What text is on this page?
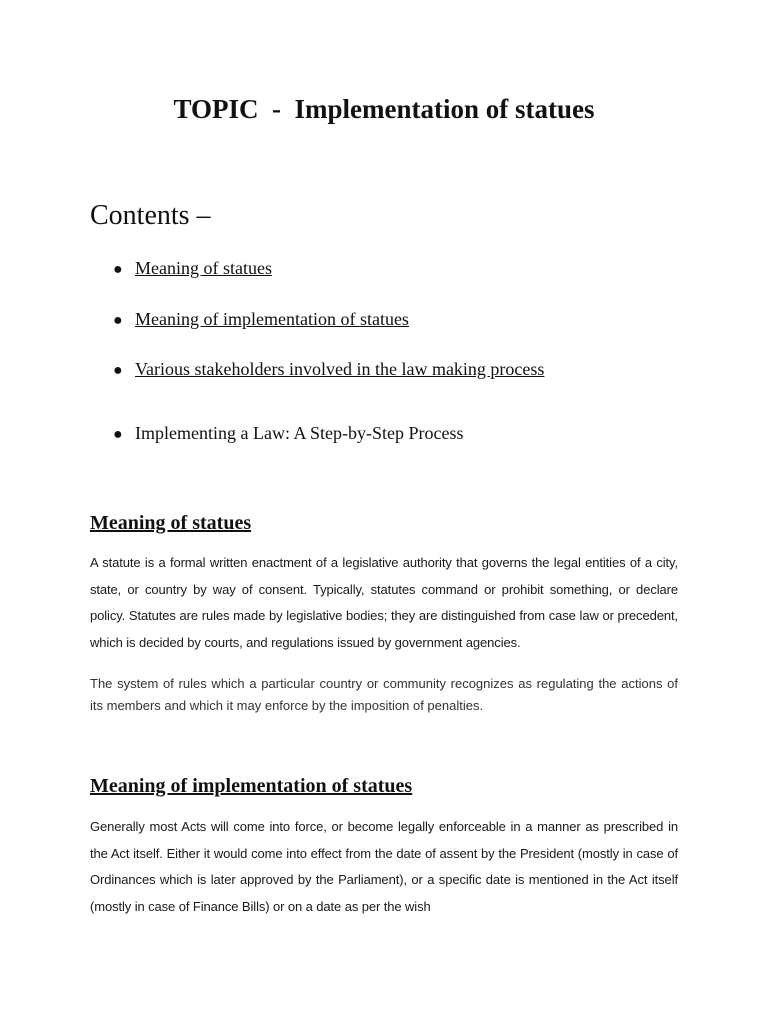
TOPIC  -  Implementation of statues
Contents –
● Meaning of statues
● Meaning of implementation of statues
● Various stakeholders involved in the law making process
● Implementing a Law: A Step-by-Step Process
Meaning of statues

A statute is a formal written enactment of a legislative authority that governs the legal entities of a city, state, or country by way of consent. Typically, statutes command or prohibit something, or declare policy. Statutes are rules made by legislative bodies; they are distinguished from case law or precedent, which is decided by courts, and regulations issued by government agencies.

The system of rules which a particular country or community recognizes as regulating the actions of its members and which it may enforce by the imposition of penalties.

Meaning of implementation of statues

Generally most Acts will come into force, or become legally enforceable in a manner as prescribed in the Act itself. Either it would come into effect from the date of assent by the President (mostly in case of Ordinances which is later approved by the Parliament), or a specific date is mentioned in the Act itself (mostly in case of Finance Bills) or on a date as per the wish
